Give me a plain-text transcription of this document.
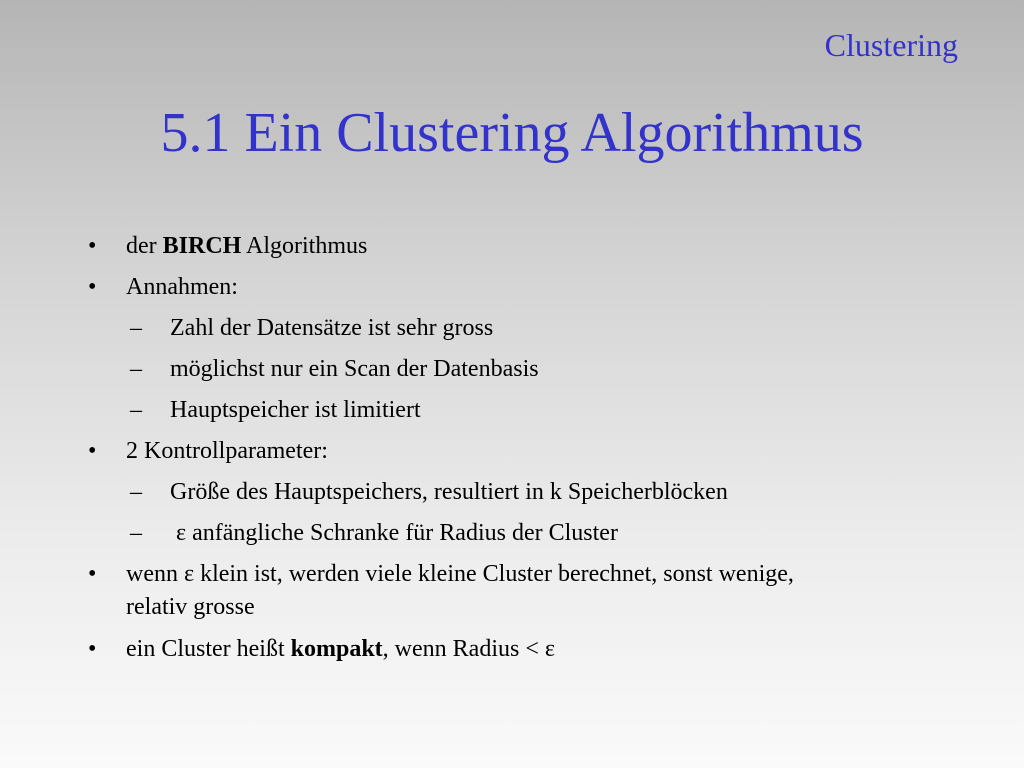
Clustering
5.1 Ein Clustering Algorithmus
• der BIRCH Algorithmus
• Annahmen:
– Zahl der Datensätze ist sehr gross
– möglichst nur ein Scan der Datenbasis
– Hauptspeicher ist limitiert
• 2 Kontrollparameter:
– Größe des Hauptspeichers, resultiert in k Speicherblöcken
– ε anfängliche Schranke für Radius der Cluster
• wenn ε klein ist, werden viele kleine Cluster berechnet, sonst wenige,
relativ grosse
• ein Cluster heißt kompakt, wenn Radius < ε
